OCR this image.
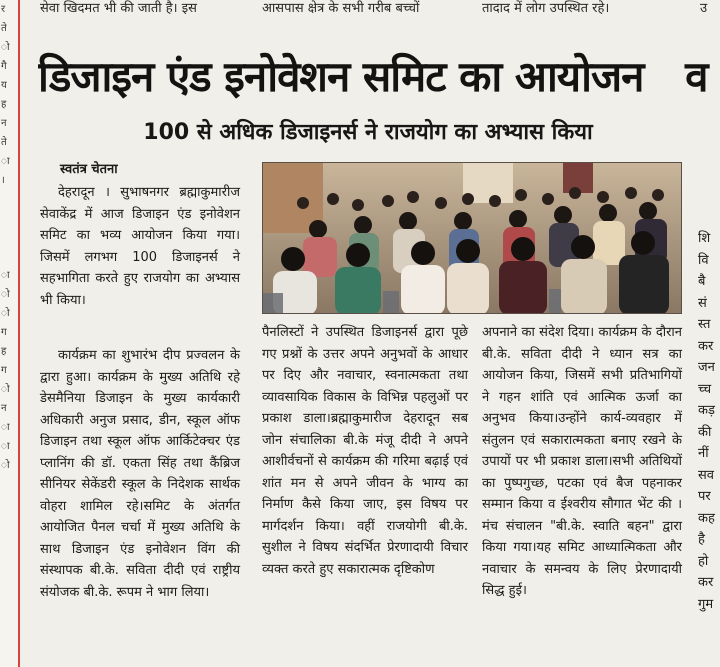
र
ते
ो
गै
य
ह
न
ते
ा
।
ा
ो
ो
ग
ह
ग
ो
न
ा
ा
ो
सेवा खिदमत भी की जाती है। इस	आसपास क्षेत्र के सभी गरीब बच्चों	तादाद में लोग उपस्थित रहे।	उ
डिजाइन एंड इनोवेशन समिट का आयोजन व
100 से अधिक डिजाइनर्स ने राजयोग का अभ्यास किया
स्वतंत्र चेतना

देहरादून । सुभाषनगर ब्रह्माकुमारीज सेवाकेंद्र में आज डिजाइन एंड इनोवेशन समिट का भव्य आयोजन किया गया। जिसमें लगभग 100 डिजाइनर्स ने सहभागिता करते हुए राजयोग का अभ्यास भी किया।

कार्यक्रम का शुभारंभ दीप प्रज्वलन के द्वारा हुआ। कार्यक्रम के मुख्य अतिथि रहे डेसमैनिया डिजाइन के मुख्य कार्यकारी अधिकारी अनुज प्रसाद, डीन, स्कूल ऑफ डिजाइन तथा स्कूल ऑफ आर्किटेक्चर एंड प्लानिंग की डॉ. एकता सिंह तथा कैंब्रिज सीनियर सेकेंडरी स्कूल के निदेशक सार्थक वोहरा शामिल रहे।समिट के अंतर्गत आयोजित पैनल चर्चा में मुख्य अतिथि के साथ डिजाइन एंड इनोवेशन विंग की संस्थापक बी.के. सविता दीदी एवं राष्ट्रीय संयोजक बी.के. रूपम ने भाग लिया।

पैनलिस्टों ने उपस्थित डिजाइनर्स द्वारा पूछे गए प्रश्नों के उत्तर अपने अनुभवों के आधार पर दिए और नवाचार, स्वनात्मकता तथा व्यावसायिक विकास के विभिन्न पहलुओं पर प्रकाश डाला।ब्रह्माकुमारीज देहरादून सब जोन संचालिका बी.के मंजू दीदी ने अपने आशीर्वचनों से कार्यक्रम की गरिमा बढ़ाई एवं शांत मन से अपने जीवन के भाग्य का निर्माण कैसे किया जाए, इस विषय पर मार्गदर्शन किया। वहीं राजयोगी बी.के. सुशील ने विषय संदर्भित प्रेरणादायी विचार व्यक्त करते हुए सकारात्मक दृष्टिकोण

अपनाने का संदेश दिया। कार्यक्रम के दौरान बी.के. सविता दीदी ने ध्यान सत्र का आयोजन किया, जिसमें सभी प्रतिभागियों ने गहन शांति एवं आत्मिक ऊर्जा का अनुभव किया।उन्होंने कार्य-व्यवहार में संतुलन एवं सकारात्मकता बनाए रखने के उपायों पर भी प्रकाश डाला।सभी अतिथियों का पुष्पगुच्छ, पटका एवं बैज पहनाकर सम्मान किया व ईश्वरीय सौगात भेंट की । मंच संचालन "बी.के. स्वाति बहन" द्वारा किया गया।यह समिट आध्यात्मिकता और नवाचार के समन्वय के लिए प्रेरणादायी सिद्ध हुई।

शि
वि
बै
सं
स्त
कर
जन
च्च
कड़
की
नीं
सव
पर
कह
है
हो
कर
गुम
